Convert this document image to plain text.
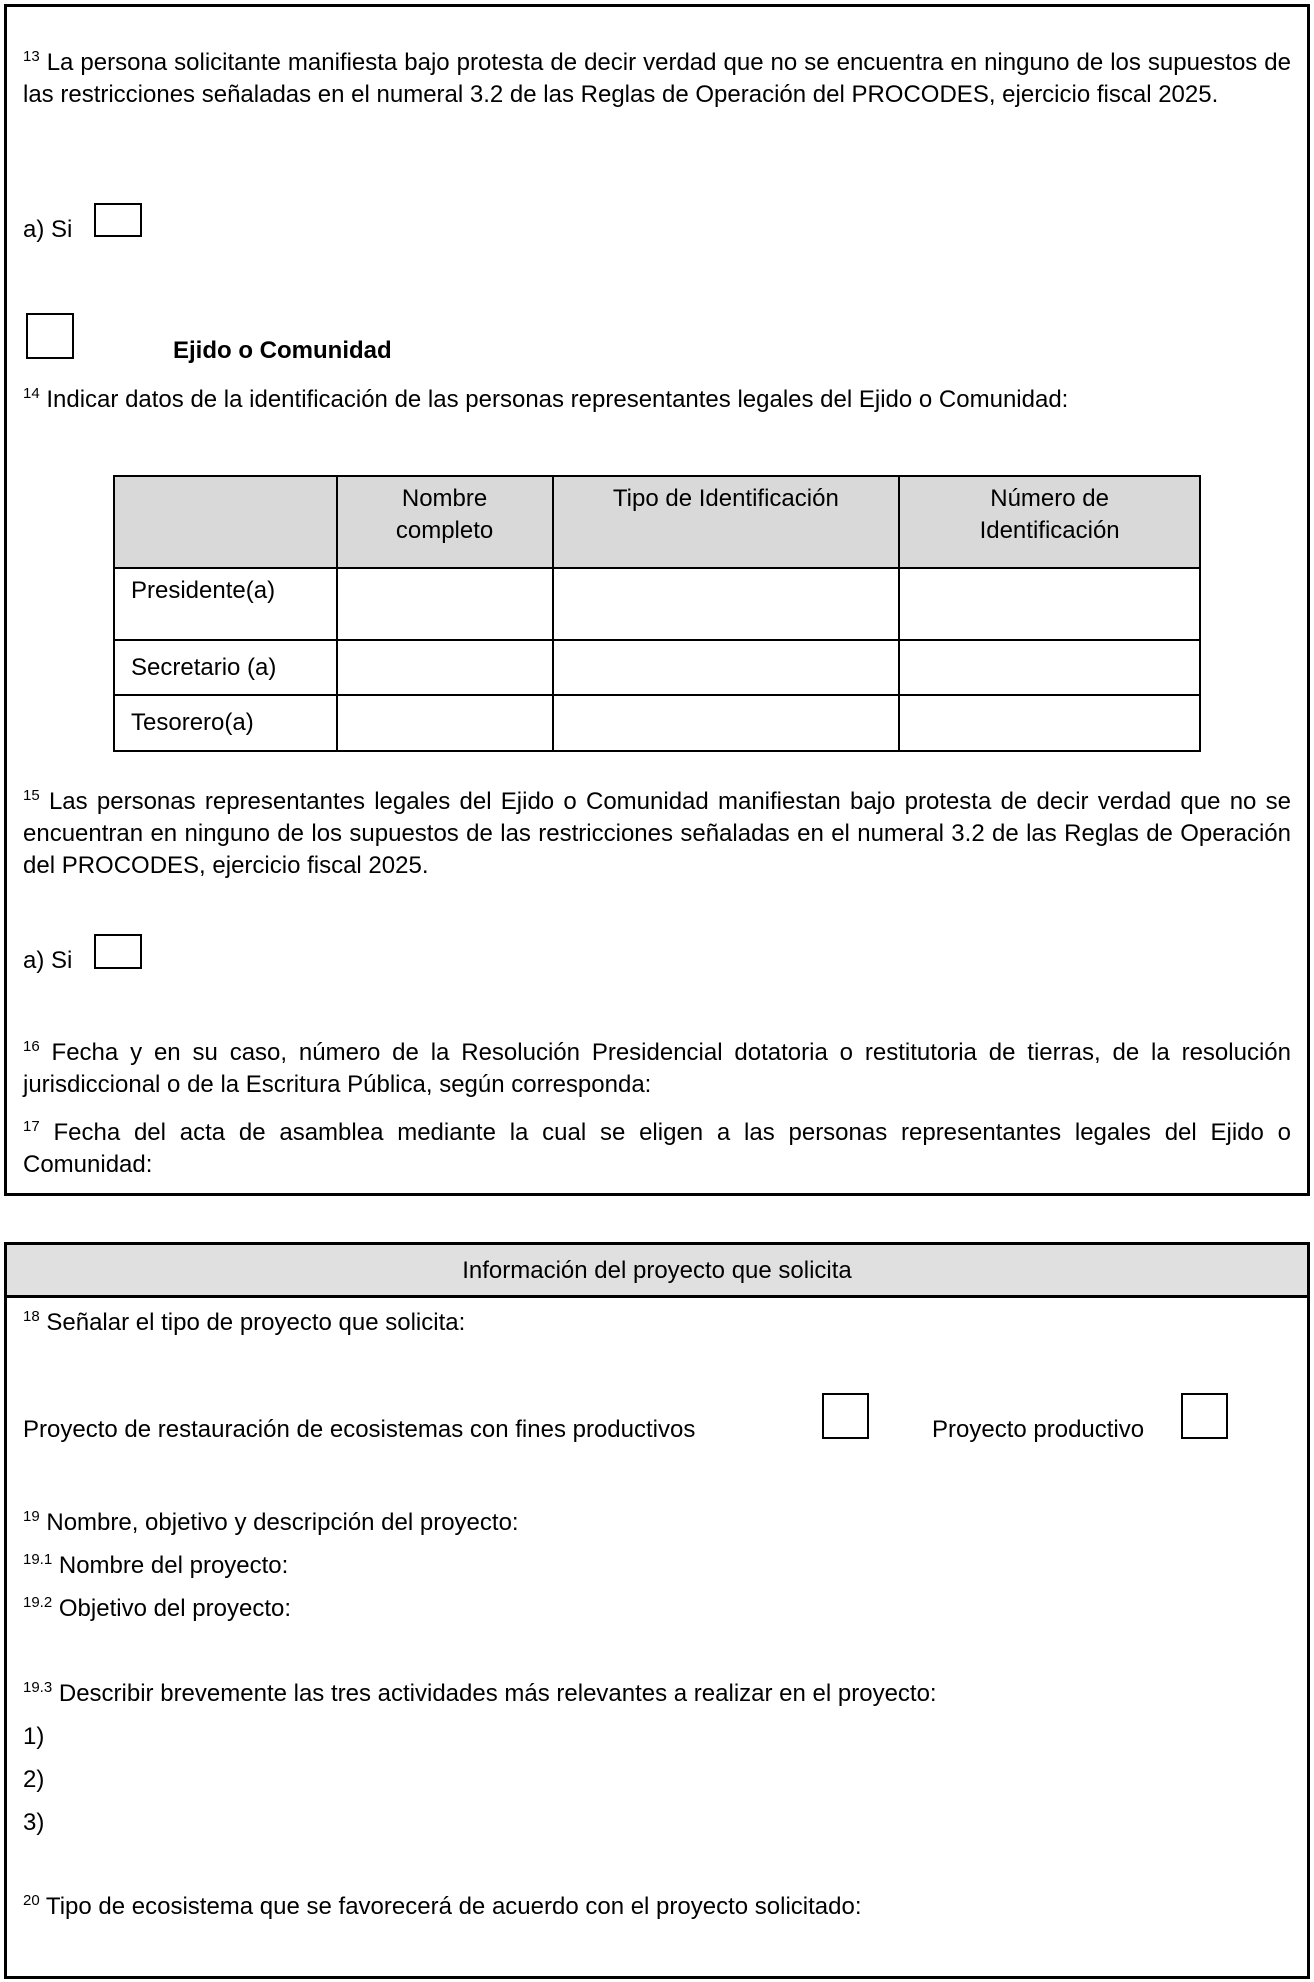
$^{13}$ La persona solicitante manifiesta bajo protesta de decir verdad que no se encuentra en ninguno de los supuestos de las restricciones señaladas en el numeral 3.2 de las Reglas de Operación del PROCODES, ejercicio fiscal 2025.
a) Si
Ejido o Comunidad
$^{14}$ Indicar datos de la identificación de las personas representantes legales del Ejido o Comunidad:
$^{15}$ Las personas representantes legales del Ejido o Comunidad manifiestan bajo protesta de decir verdad que no se encuentran en ninguno de los supuestos de las restricciones señaladas en el numeral 3.2 de las Reglas de Operación del PROCODES, ejercicio fiscal 2025.
a) Si
$^{16}$ Fecha y en su caso, número de la Resolución Presidencial dotatoria o restitutoria de tierras, de la resolución jurisdiccional o de la Escritura Pública, según corresponda:
$^{17}$ Fecha del acta de asamblea mediante la cual se eligen a las personas representantes legales del Ejido o Comunidad:
	Nombre completo	Tipo de Identificación	Número de Identificación
Presidente(a)			
Secretario (a)			
Tesorero(a)			
Información del proyecto que solicita
$^{18}$ Señalar el tipo de proyecto que solicita:
Proyecto de restauración de ecosistemas con fines productivos	Proyecto productivo
$^{19}$ Nombre, objetivo y descripción del proyecto:
$^{19.1}$ Nombre del proyecto:
$^{19.2}$ Objetivo del proyecto:
$^{19.3}$ Describir brevemente las tres actividades más relevantes a realizar en el proyecto:
1)
2)
3)
$^{20}$ Tipo de ecosistema que se favorecerá de acuerdo con el proyecto solicitado:
